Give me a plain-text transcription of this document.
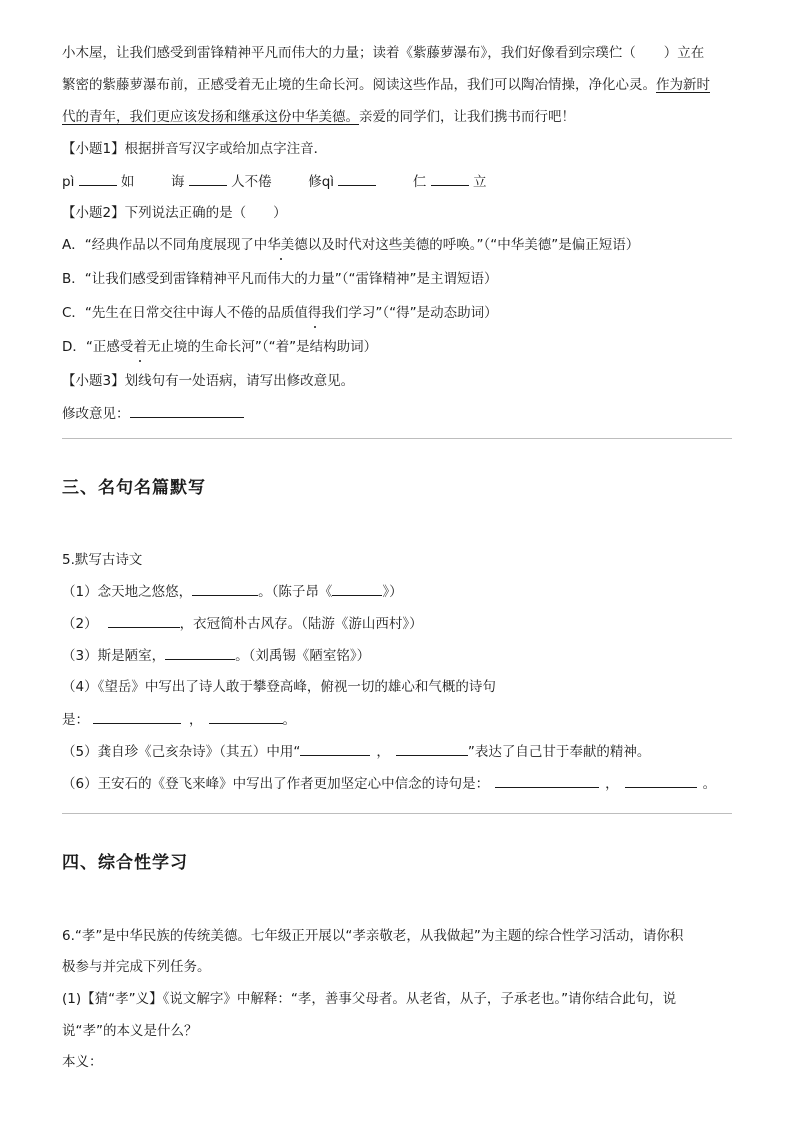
小木屋，让我们感受到雷锋精神平凡而伟大的力量；读着《紫藤萝瀑布》，我们好像看到宗璞伫（ ）立在
繁密的紫藤萝瀑布前，正感受着无止境的生命长河。阅读这些作品，我们可以陶冶情操，净化心灵。作为新时
代的青年，我们更应该发扬和继承这份中华美德。亲爱的同学们，让我们携书而行吧！
【小题1】根据拼音写汉字或给加点字注音．
pì	如	诲	人不倦	修qì	仁	立
【小题2】下列说法正确的是（　　）
A．“经典作品以不同角度展现了中华美德以及时代对这些美德的呼唤。”（“中华美德”是偏正短语）
B．“让我们感受到雷锋精神平凡而伟大的力量”（“雷锋精神”是主谓短语）
C．“先生在日常交往中诲人不倦的品质值得我们学习”（“得”是动态助词）
D．“正感受着无止境的生命长河”（“着”是结构助词）
【小题3】划线句有一处语病，请写出修改意见。
修改意见：
三、名句名篇默写
5.默写古诗文
（1）念天地之悠悠，	。（陈子昂《	》）
（2）	，衣冠简朴古风存。（陆游《游山西村》）
（3）斯是陋室，	。（刘禹锡《陋室铭》）
（4）《望岳》中写出了诗人敢于攀登高峰，俯视一切的雄心和气概的诗句
是：	，	。
（5）龚自珍《己亥杂诗》（其五）中用“	，	”表达了自己甘于奉献的精神。
（6）王安石的《登飞来峰》中写出了作者更加坚定心中信念的诗句是：	，	。
四、综合性学习
6.“孝”是中华民族的传统美德。七年级正开展以“孝亲敬老，从我做起”为主题的综合性学习活动，请你积
极参与并完成下列任务。
(1)【猜“孝”义】《说文解字》中解释：“孝，善事父母者。从老省，从子，子承老也。”请你结合此句，说
说“孝”的本义是什么？
本义：
